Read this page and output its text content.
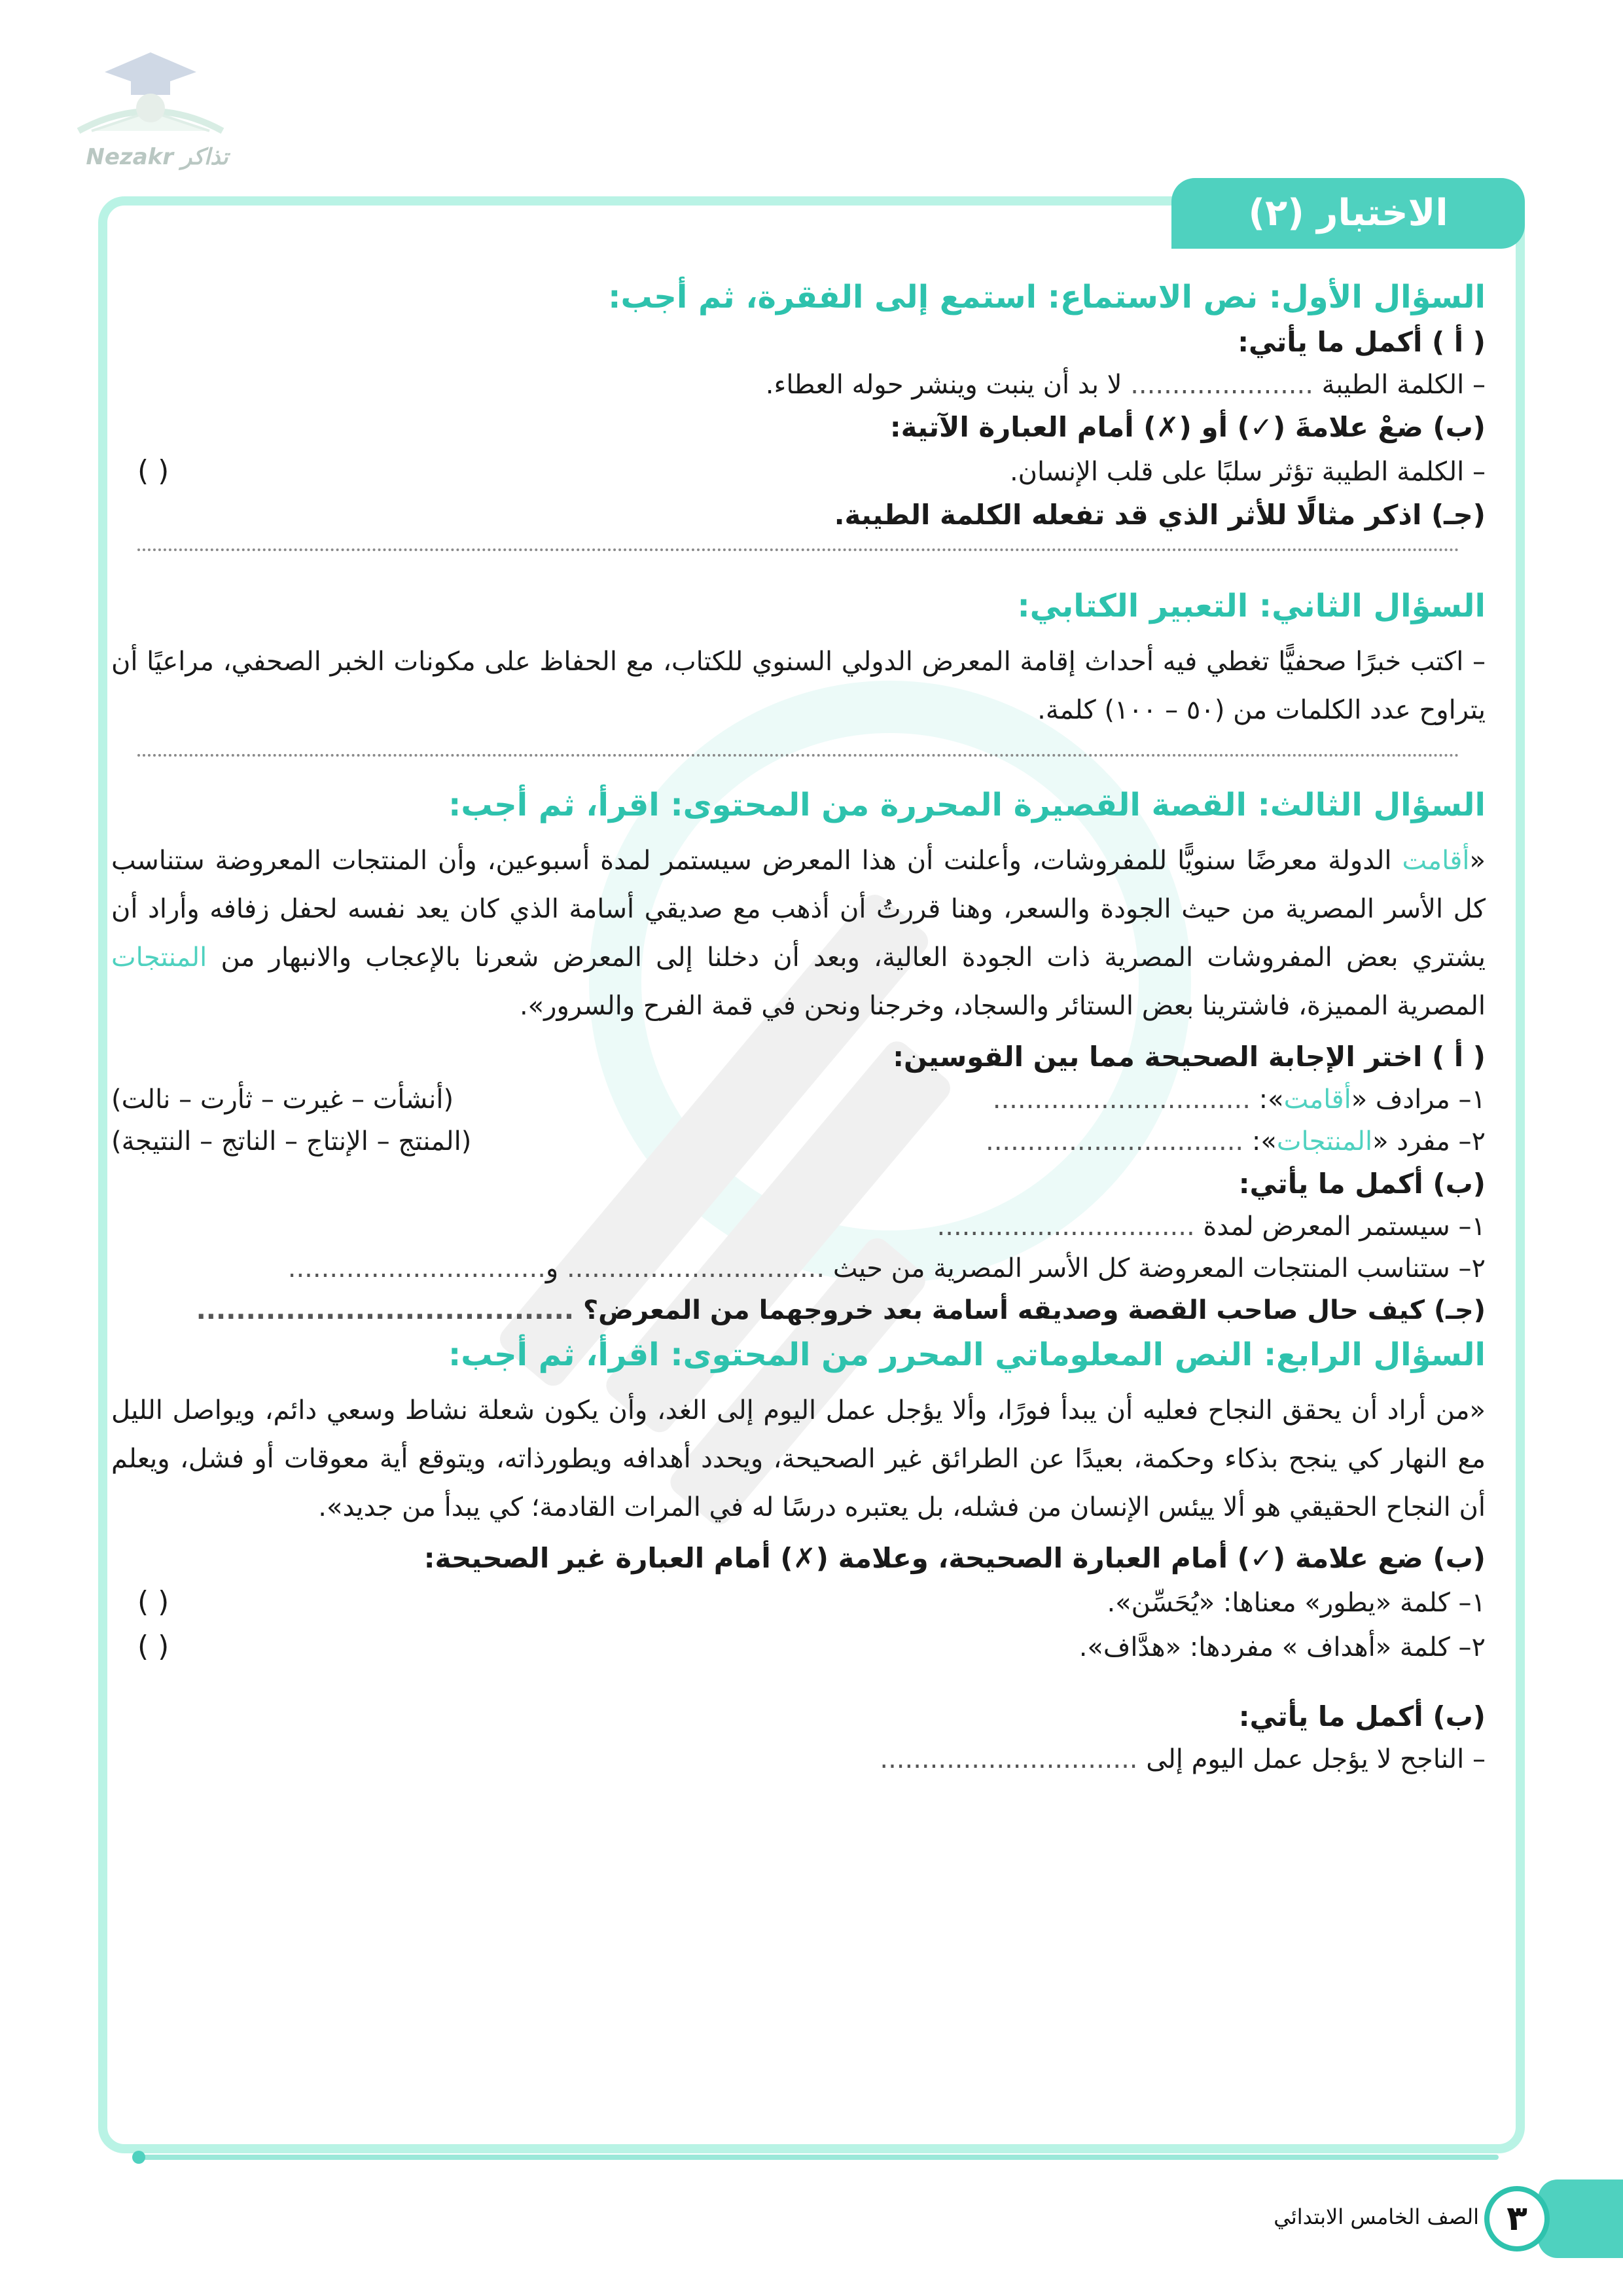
Nezakr تذاكر
الاختبار (٢)
السؤال الأول: نص الاستماع: استمع إلى الفقرة، ثم أجب:
( أ ) أكمل ما يأتي:
– الكلمة الطيبة ...................... لا بد أن ينبت وينشر حوله العطاء.
(ب) ضعْ علامةَ (✓) أو (✗) أمام العبارة الآتية:
– الكلمة الطيبة تؤثر سلبًا على قلب الإنسان.
( )
(جـ) اذكر مثالًا للأثر الذي قد تفعله الكلمة الطيبة.
السؤال الثاني: التعبير الكتابي:
– اكتب خبرًا صحفيًّا تغطي فيه أحداث إقامة المعرض الدولي السنوي للكتاب، مع الحفاظ على مكونات الخبر الصحفي، مراعيًا أن يتراوح عدد الكلمات من (٥٠ – ١٠٠) كلمة.
السؤال الثالث: القصة القصيرة المحررة من المحتوى: اقرأ، ثم أجب:
«أقامت الدولة معرضًا سنويًّا للمفروشات، وأعلنت أن هذا المعرض سيستمر لمدة أسبوعين، وأن المنتجات المعروضة ستناسب كل الأسر المصرية من حيث الجودة والسعر، وهنا قررتُ أن أذهب مع صديقي أسامة الذي كان يعد نفسه لحفل زفافه وأراد أن يشتري بعض المفروشات المصرية ذات الجودة العالية، وبعد أن دخلنا إلى المعرض شعرنا بالإعجاب والانبهار من المنتجات المصرية المميزة، فاشترينا بعض الستائر والسجاد، وخرجنا ونحن في قمة الفرح والسرور».
( أ ) اختر الإجابة الصحيحة مما بين القوسين:
١– مرادف «أقامت»: ...............................
(أنشأت – غيرت – ثأرت – نالت)
٢– مفرد «المنتجات»: ...............................
(المنتج – الإنتاج – الناتج – النتيجة)
(ب) أكمل ما يأتي:
١– سيستمر المعرض لمدة ...............................
٢– ستناسب المنتجات المعروضة كل الأسر المصرية من حيث ............................... و...............................
(جـ) كيف حال صاحب القصة وصديقه أسامة بعد خروجهما من المعرض؟ ......................................
السؤال الرابع: النص المعلوماتي المحرر من المحتوى: اقرأ، ثم أجب:
«من أراد أن يحقق النجاح فعليه أن يبدأ فورًا، وألا يؤجل عمل اليوم إلى الغد، وأن يكون شعلة نشاط وسعي دائم، ويواصل الليل مع النهار كي ينجح بذكاء وحكمة، بعيدًا عن الطرائق غير الصحيحة، ويحدد أهدافه ويطورذاته، ويتوقع أية معوقات أو فشل، ويعلم أن النجاح الحقيقي هو ألا ييئس الإنسان من فشله، بل يعتبره درسًا له في المرات القادمة؛ كي يبدأ من جديد».
(ب) ضع علامة (✓) أمام العبارة الصحيحة، وعلامة (✗) أمام العبارة غير الصحيحة:
١– كلمة «يطور» معناها: «يُحَسِّن».
( )
٢– كلمة «أهداف » مفردها: «هدَّاف».
( )
(ب) أكمل ما يأتي:
– الناجح لا يؤجل عمل اليوم إلى ...............................
٣
الصف الخامس الابتدائي
